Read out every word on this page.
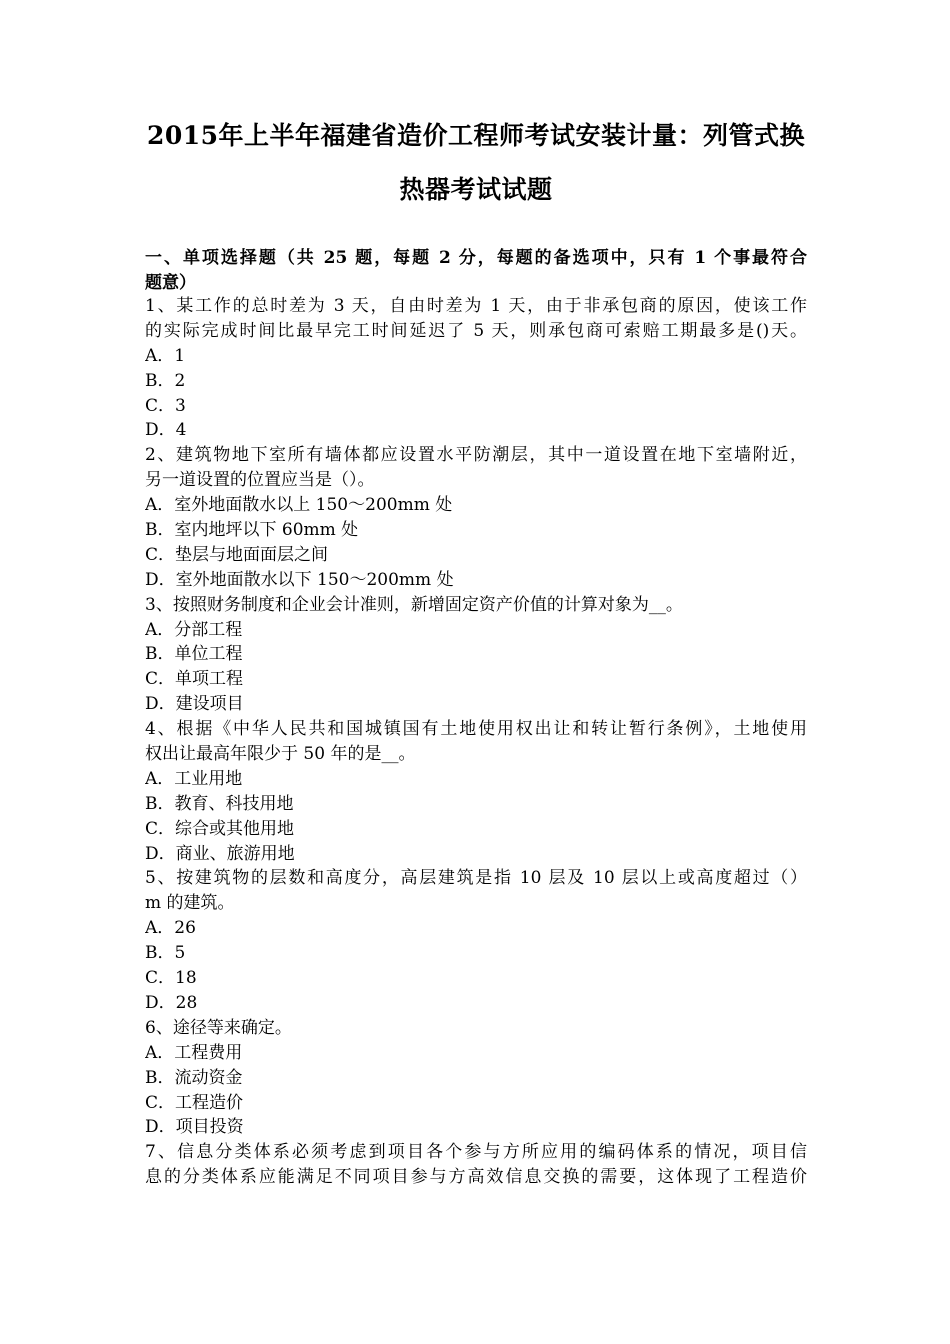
2015年上半年福建省造价工程师考试安装计量：列管式换
热器考试试题
一、单项选择题（共 25 题，每题 2 分，每题的备选项中，只有 1 个事最符合
题意）
1、某工作的总时差为 3 天，自由时差为 1 天，由于非承包商的原因，使该工作
的实际完成时间比最早完工时间延迟了 5 天，则承包商可索赔工期最多是()天。
A．1
B．2
C．3
D．4
2、建筑物地下室所有墙体都应设置水平防潮层，其中一道设置在地下室墙附近，
另一道设置的位置应当是（）。
A．室外地面散水以上 150～200mm 处
B．室内地坪以下 60mm 处
C．垫层与地面面层之间
D．室外地面散水以下 150～200mm 处
3、按照财务制度和企业会计准则，新增固定资产价值的计算对象为__。
A．分部工程
B．单位工程
C．单项工程
D．建设项目
4、根据《中华人民共和国城镇国有土地使用权出让和转让暂行条例》，土地使用
权出让最高年限少于 50 年的是__。
A．工业用地
B．教育、科技用地
C．综合或其他用地
D．商业、旅游用地
5、按建筑物的层数和高度分，高层建筑是指 10 层及 10 层以上或高度超过（）
m 的建筑。
A．26
B．5
C．18
D．28
6、途径等来确定。
A．工程费用
B．流动资金
C．工程造价
D．项目投资
7、信息分类体系必须考虑到项目各个参与方所应用的编码体系的情况，项目信
息的分类体系应能满足不同项目参与方高效信息交换的需要，这体现了工程造价
